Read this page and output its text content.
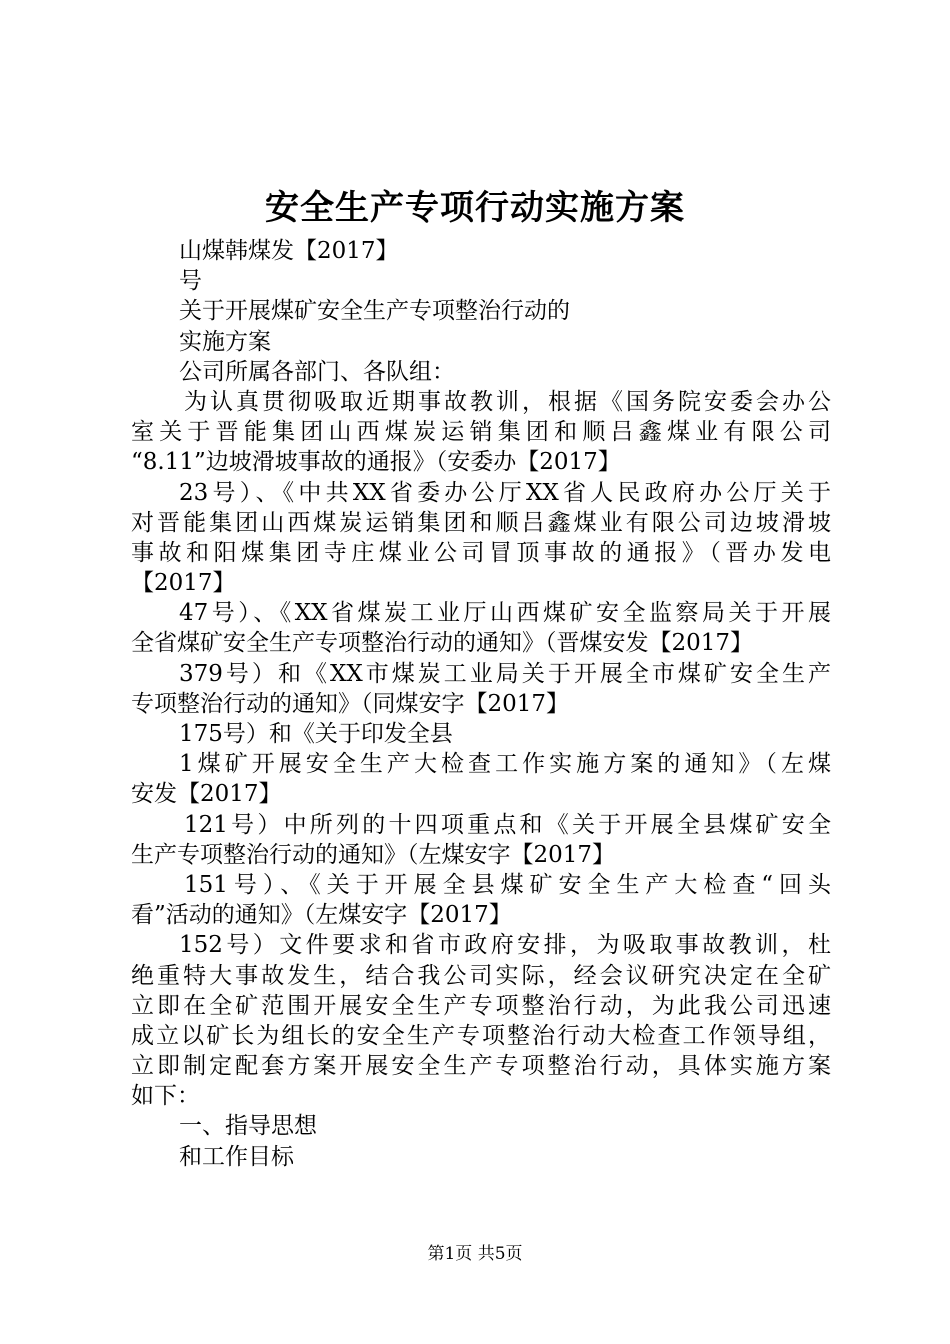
安全生产专项行动实施方案
山煤韩煤发【2017】
号
关于开展煤矿安全生产专项整治行动的
实施方案
公司所属各部门、各队组：
为认真贯彻吸取近期事故教训，根据《国务院安委会办公
室关于晋能集团山西煤炭运销集团和顺吕鑫煤业有限公司
“8.11”边坡滑坡事故的通报》（安委办【2017】
23号）、《中共XX省委办公厅XX省人民政府办公厅关于
对晋能集团山西煤炭运销集团和顺吕鑫煤业有限公司边坡滑坡
事故和阳煤集团寺庄煤业公司冒顶事故的通报》（晋办发电
【2017】
47号）、《XX省煤炭工业厅山西煤矿安全监察局关于开展
全省煤矿安全生产专项整治行动的通知》（晋煤安发【2017】
379号）和《XX市煤炭工业局关于开展全市煤矿安全生产
专项整治行动的通知》（同煤安字【2017】
175号）和《关于印发全县
1煤矿开展安全生产大检查工作实施方案的通知》（左煤
安发【2017】
121号）中所列的十四项重点和《关于开展全县煤矿安全
生产专项整治行动的通知》（左煤安字【2017】
151号）、《关于开展全县煤矿安全生产大检查“回头
看”活动的通知》（左煤安字【2017】
152号）文件要求和省市政府安排，为吸取事故教训，杜
绝重特大事故发生，结合我公司实际，经会议研究决定在全矿
立即在全矿范围开展安全生产专项整治行动，为此我公司迅速
成立以矿长为组长的安全生产专项整治行动大检查工作领导组，
立即制定配套方案开展安全生产专项整治行动，具体实施方案
如下：
一、指导思想
和工作目标
第1页 共5页
